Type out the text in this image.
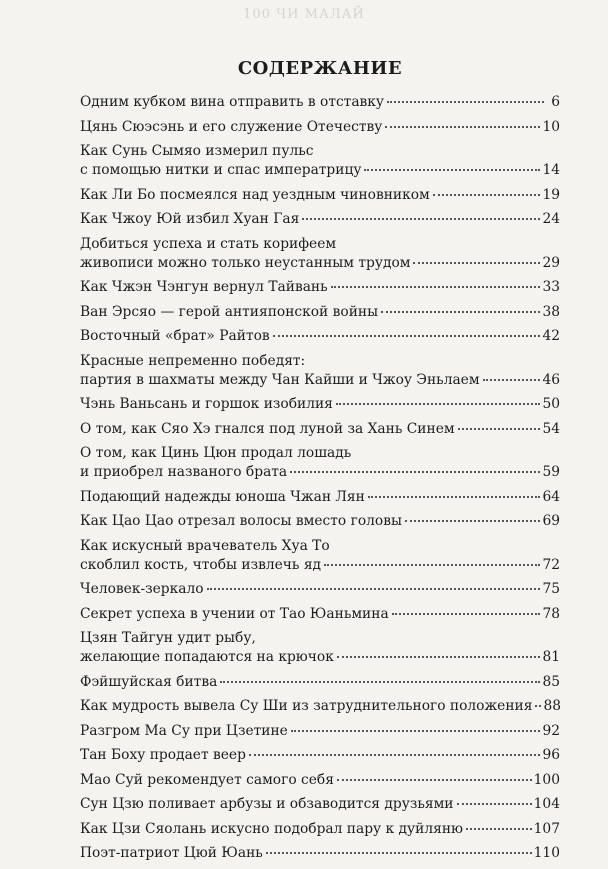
100 ЧИ МАЛАЙ
СОДЕРЖАНИЕ
Одним кубком вина отправить в отставку	6
Цянь Сюэсэнь и его служение Отечеству	10
Как Сунь Сымяо измерил пульс
с помощью нитки и спас императрицу	14
Как Ли Бо посмеялся над уездным чиновником	19
Как Чжоу Юй избил Хуан Гая	24
Добиться успеха и стать корифеем
живописи можно только неустанным трудом	29
Как Чжэн Чэнгун вернул Тайвань	33
Ван Эрсяо — герой антияпонской войны	38
Восточный «брат» Райтов	42
Красные непременно победят:
партия в шахматы между Чан Кайши и Чжоу Эньлаем	46
Чэнь Ваньсань и горшок изобилия	50
О том, как Сяо Хэ гнался под луной за Хань Синем	54
О том, как Цинь Цюн продал лошадь
и приобрел названого брата	59
Подающий надежды юноша Чжан Лян	64
Как Цао Цао отрезал волосы вместо головы	69
Как искусный врачеватель Хуа То
скоблил кость, чтобы извлечь яд	72
Человек-зеркало	75
Секрет успеха в учении от Тао Юаньмина	78
Цзян Тайгун удит рыбу,
желающие попадаются на крючок	81
Фэйшуйская битва	85
Как мудрость вывела Су Ши из затруднительного положения 88
Разгром Ма Су при Цзетине	92
Тан Боху продает веер	96
Мао Суй рекомендует самого себя	100
Сун Цзю поливает арбузы и обзаводится друзьями	104
Как Цзи Сяолань искусно подобрал пару к дуйляню	107
Поэт-патриот Цюй Юань	110
